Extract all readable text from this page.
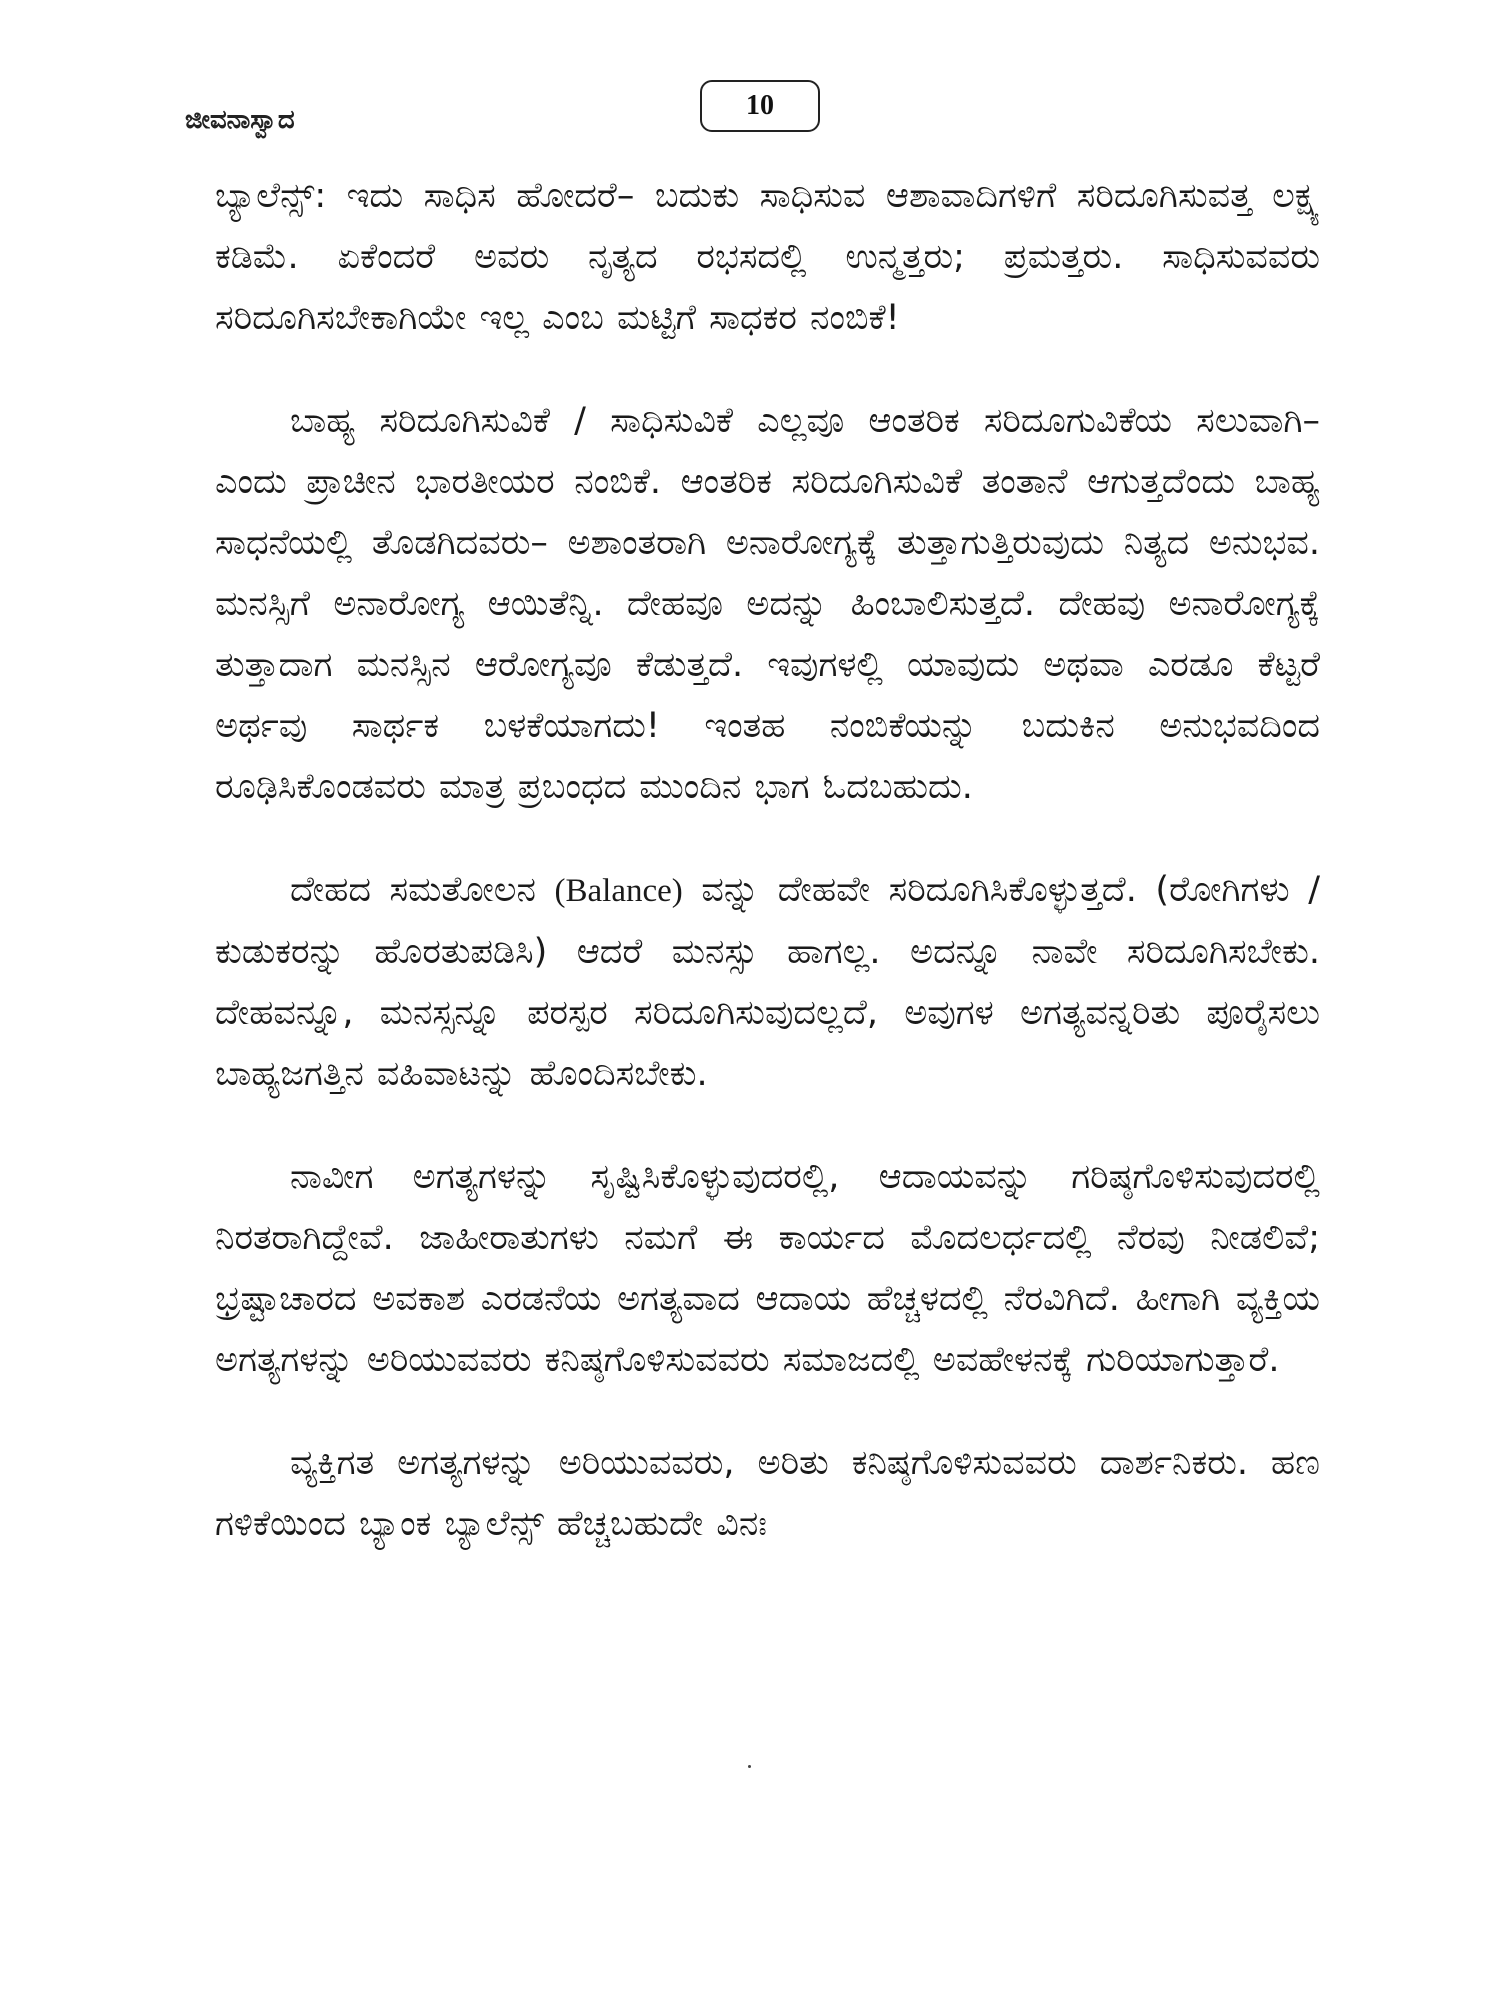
ಜೀವನಾಸ್ವಾದ	10

ಬ್ಯಾಲೆನ್ಸ್: ಇದು ಸಾಧಿಸ ಹೋದರೆ– ಬದುಕು ಸಾಧಿಸುವ ಆಶಾವಾದಿಗಳಿಗೆ ಸರಿದೂಗಿಸುವತ್ತ ಲಕ್ಷ್ಯ ಕಡಿಮೆ. ಏಕೆಂದರೆ ಅವರು ನೃತ್ಯದ ರಭಸದಲ್ಲಿ ಉನ್ಮತ್ತರು; ಪ್ರಮತ್ತರು. ಸಾಧಿಸುವವರು ಸರಿದೂಗಿಸಬೇಕಾಗಿಯೇ ಇಲ್ಲ ಎಂಬ ಮಟ್ಟಿಗೆ ಸಾಧಕರ ನಂಬಿಕೆ!

ಬಾಹ್ಯ ಸರಿದೂಗಿಸುವಿಕೆ / ಸಾಧಿಸುವಿಕೆ ಎಲ್ಲವೂ ಆಂತರಿಕ ಸರಿದೂಗುವಿಕೆಯ ಸಲುವಾಗಿ– ಎಂದು ಪ್ರಾಚೀನ ಭಾರತೀಯರ ನಂಬಿಕೆ. ಆಂತರಿಕ ಸರಿದೂಗಿಸುವಿಕೆ ತಂತಾನೆ ಆಗುತ್ತದೆಂದು ಬಾಹ್ಯ ಸಾಧನೆಯಲ್ಲಿ ತೊಡಗಿದವರು– ಅಶಾಂತರಾಗಿ ಅನಾರೋಗ್ಯಕ್ಕೆ ತುತ್ತಾಗುತ್ತಿರುವುದು ನಿತ್ಯದ ಅನುಭವ. ಮನಸ್ಸಿಗೆ ಅನಾರೋಗ್ಯ ಆಯಿತೆನ್ನಿ. ದೇಹವೂ ಅದನ್ನು ಹಿಂಬಾಲಿಸುತ್ತದೆ. ದೇಹವು ಅನಾರೋಗ್ಯಕ್ಕೆ ತುತ್ತಾದಾಗ ಮನಸ್ಸಿನ ಆರೋಗ್ಯವೂ ಕೆಡುತ್ತದೆ. ಇವುಗಳಲ್ಲಿ ಯಾವುದು ಅಥವಾ ಎರಡೂ ಕೆಟ್ಟರೆ ಅರ್ಥವು ಸಾರ್ಥಕ ಬಳಕೆಯಾಗದು! ಇಂತಹ ನಂಬಿಕೆಯನ್ನು ಬದುಕಿನ ಅನುಭವದಿಂದ ರೂಢಿಸಿಕೊಂಡವರು ಮಾತ್ರ ಪ್ರಬಂಧದ ಮುಂದಿನ ಭಾಗ ಓದಬಹುದು.

ದೇಹದ ಸಮತೋಲನ (Balance) ವನ್ನು ದೇಹವೇ ಸರಿದೂಗಿಸಿಕೊಳ್ಳುತ್ತದೆ. (ರೋಗಿಗಳು / ಕುಡುಕರನ್ನು ಹೊರತುಪಡಿಸಿ) ಆದರೆ ಮನಸ್ಸು ಹಾಗಲ್ಲ. ಅದನ್ನೂ ನಾವೇ ಸರಿದೂಗಿಸಬೇಕು. ದೇಹವನ್ನೂ, ಮನಸ್ಸನ್ನೂ ಪರಸ್ಪರ ಸರಿದೂಗಿಸುವುದಲ್ಲದೆ, ಅವುಗಳ ಅಗತ್ಯವನ್ನರಿತು ಪೂರೈಸಲು ಬಾಹ್ಯಜಗತ್ತಿನ ವಹಿವಾಟನ್ನು ಹೊಂದಿಸಬೇಕು.

ನಾವೀಗ ಅಗತ್ಯಗಳನ್ನು ಸೃಷ್ಟಿಸಿಕೊಳ್ಳುವುದರಲ್ಲಿ, ಆದಾಯವನ್ನು ಗರಿಷ್ಠಗೊಳಿಸುವುದರಲ್ಲಿ ನಿರತರಾಗಿದ್ದೇವೆ. ಜಾಹೀರಾತುಗಳು ನಮಗೆ ಈ ಕಾರ್ಯದ ಮೊದಲರ್ಧದಲ್ಲಿ ನೆರವು ನೀಡಲಿವೆ; ಭ್ರಷ್ಟಾಚಾರದ ಅವಕಾಶ ಎರಡನೆಯ ಅಗತ್ಯವಾದ ಆದಾಯ ಹೆಚ್ಚಳದಲ್ಲಿ ನೆರವಿಗಿದೆ. ಹೀಗಾಗಿ ವ್ಯಕ್ತಿಯ ಅಗತ್ಯಗಳನ್ನು ಅರಿಯುವವರು ಕನಿಷ್ಠಗೊಳಿಸುವವರು ಸಮಾಜದಲ್ಲಿ ಅವಹೇಳನಕ್ಕೆ ಗುರಿಯಾಗುತ್ತಾರೆ.

ವ್ಯಕ್ತಿಗತ ಅಗತ್ಯಗಳನ್ನು ಅರಿಯುವವರು, ಅರಿತು ಕನಿಷ್ಠಗೊಳಿಸುವವರು ದಾರ್ಶನಿಕರು. ಹಣ ಗಳಿಕೆಯಿಂದ ಬ್ಯಾಂಕ ಬ್ಯಾಲೆನ್ಸ್ ಹೆಚ್ಚಬಹುದೇ ವಿನಃ
